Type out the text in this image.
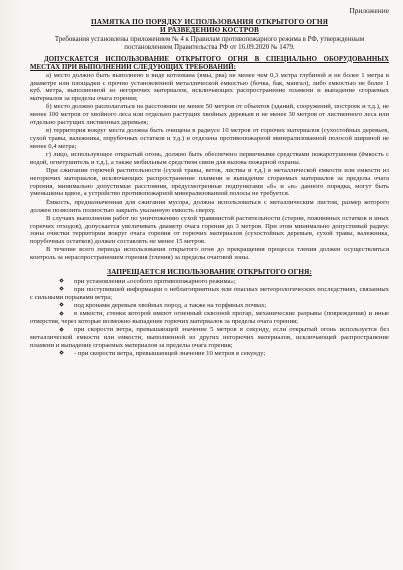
Приложение
ПАМЯТКА ПО ПОРЯДКУ ИСПОЛЬЗОВАНИЯ ОТКРЫТОГО ОГНЯ
И РАЗВЕДЕНИЮ КОСТРОВ
Требования установлены приложением № 4 к Правилам противопожарного режима в РФ, утвержденным постановлением Правительства РФ от 16.09.2020 № 1479.
ДОПУСКАЕТСЯ ИСПОЛЬЗОВАНИЕ ОТКРЫТОГО ОГНЯ В СПЕЦИАЛЬНО ОБОРУДОВАННЫХ МЕСТАХ ПРИ ВЫПОЛНЕНИИ СЛЕДУЮЩИХ ТРЕБОВАНИЙ:

а) место должно быть выполнено в виде котлована (ямы, рва) не менее чем 0,3 метра глубиной и не более 1 метра в диаметре или площадки с прочно установленной металлической емкостью (бочка, бак, мангал), либо емкостью не более 1 куб. метра, выполненной из негорючих материалов, исключающих распространение пламени и выпадение сгораемых материалов за пределы очага горения;

б) место должно располагаться на расстоянии не менее 50 метров от объектов (зданий, сооружений, построек и т.д.), не менее 100 метров от хвойного леса или отдельно растущих хвойных деревьев и не менее 30 метров от лиственного леса или отдельно растущих лиственных деревьев;

в) территория вокруг места должна быть очищена в радиусе 10 метров от горючих материалов (сухостойных деревьев, сухой травы, валежника, порубочных остатков и т.д.) и отделена противопожарной минерализованной полосой шириной не менее 0,4 метра;

г) лицо, использующее открытый огонь, должно быть обеспечено первичными средствами пожаротушения (ёмкость с водой, огнетушитель и т.д.), а также мобильным средством связи для вызова пожарной охраны.

При сжигании горючей растительности (сухой травы, веток, листвы и т.д.) в металлической емкости или емкости из негорючих материалов, исключающих распространение пламени и выпадение сгораемых материалов за пределы очага горения, минимально допустимые расстояния, предусмотренные подпунктами «б» и «в» данного порядка, могут быть уменьшены вдвое, а устройство противопожарной минерализованной полосы не требуется.

Ёмкость, предназначенная для сжигания мусора, должна использоваться с металлическим листом, размер которого должен позволить полностью закрыть указанную емкость сверху.

В случаях выполнения работ по уничтожению сухой травянистой растительности (стерни, пожнивных остатков и иных горючих отходов), допускается увеличивать диаметр очага горения до 3 метров. При этом минимально допустимый радиус зоны очистки территории вокруг очага горения от горючих материалов (сухостойных деревьев, сухой травы, валежника, порубочных остатков) должен составлять не менее 15 метров.

В течение всего периода использования открытого огня до прекращения процесса тления должен осуществляться контроль за нераспространением горения (тления) за пределы очаговой зоны.

ЗАПРЕЩАЕТСЯ ИСПОЛЬЗОВАНИЕ ОТКРЫТОГО ОГНЯ:
при установлении «особого противопожарного режима»;
при поступившей информации о неблагоприятных или опасных метеорологических последствиях, связанных с сильными порывами ветра;
под кронами деревьев хвойных пород, а также на торфяных почвах;
в емкости, стенки которой имеют огненный сквозной прогар, механические разрывы (повреждения) и иные отверстия, через которые возможно выпадение горючих материалов за пределы очага горения;
при скорости ветра, превышающей значение 5 метров в секунду, если открытый огонь используется без металлической емкости или емкости, выполненной из других негорючих материалов, исключающей распространение пламени и выпадение сгораемых материалов за пределы очага горения;
- при скорости ветра, превышающей значение 10 метров в секунду;
